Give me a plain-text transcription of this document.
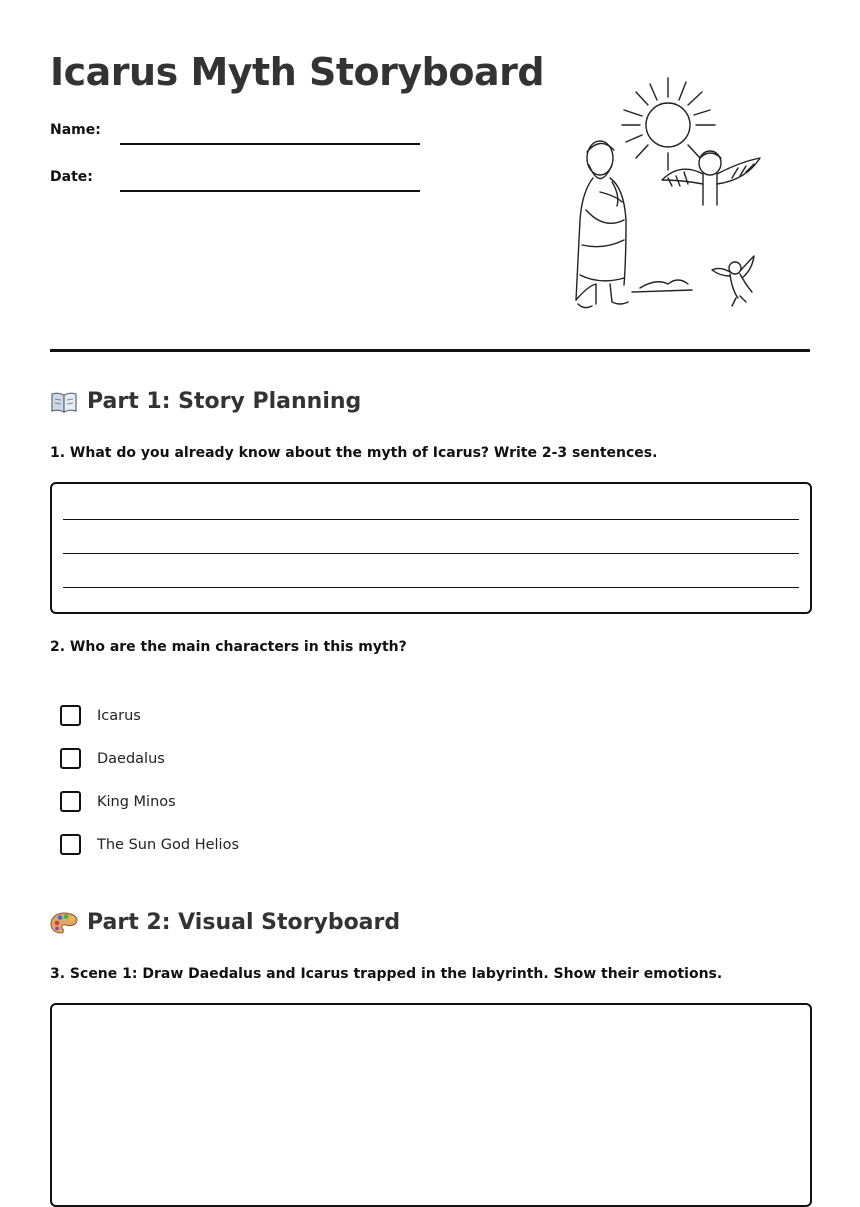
Icarus Myth Storyboard
Name:
Date:
Part 1: Story Planning
1. What do you already know about the myth of Icarus? Write 2-3 sentences.
2. Who are the main characters in this myth?
Icarus
Daedalus
King Minos
The Sun God Helios
Part 2: Visual Storyboard
3. Scene 1: Draw Daedalus and Icarus trapped in the labyrinth. Show their emotions.
